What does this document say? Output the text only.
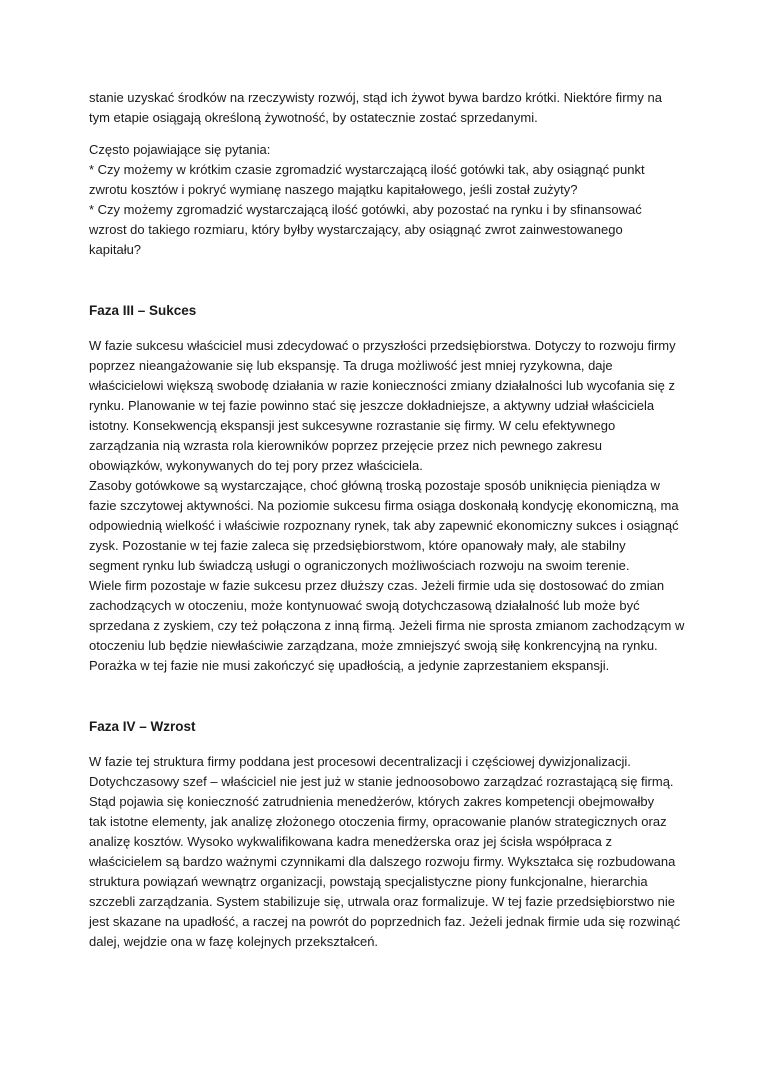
stanie uzyskać środków na rzeczywisty rozwój, stąd ich żywot bywa bardzo krótki. Niektóre firmy na
tym etapie osiągają określoną żywotność, by ostatecznie zostać sprzedanymi.
Często pojawiające się pytania:
* Czy możemy w krótkim czasie zgromadzić wystarczającą ilość gotówki tak, aby osiągnąć punkt
zwrotu kosztów i pokryć wymianę naszego majątku kapitałowego, jeśli został zużyty?
* Czy możemy zgromadzić wystarczającą ilość gotówki, aby pozostać na rynku i by sfinansować
wzrost do takiego rozmiaru, który byłby wystarczający, aby osiągnąć zwrot zainwestowanego
kapitału?
Faza III – Sukces
W fazie sukcesu właściciel musi zdecydować o przyszłości przedsiębiorstwa. Dotyczy to rozwoju firmy
poprzez nieangażowanie się lub ekspansję. Ta druga możliwość jest mniej ryzykowna, daje
właścicielowi większą swobodę działania w razie konieczności zmiany działalności lub wycofania się z
rynku. Planowanie w tej fazie powinno stać się jeszcze dokładniejsze, a aktywny udział właściciela
istotny. Konsekwencją ekspansji jest sukcesywne rozrastanie się firmy. W celu efektywnego
zarządzania nią wzrasta rola kierowników poprzez przejęcie przez nich pewnego zakresu
obowiązków, wykonywanych do tej pory przez właściciela.
Zasoby gotówkowe są wystarczające, choć główną troską pozostaje sposób uniknięcia pieniądza w
fazie szczytowej aktywności. Na poziomie sukcesu firma osiąga doskonałą kondycję ekonomiczną, ma
odpowiednią wielkość i właściwie rozpoznany rynek, tak aby zapewnić ekonomiczny sukces i osiągnąć
zysk. Pozostanie w tej fazie zaleca się przedsiębiorstwom, które opanowały mały, ale stabilny
segment rynku lub świadczą usługi o ograniczonych możliwościach rozwoju na swoim terenie.
Wiele firm pozostaje w fazie sukcesu przez dłuższy czas. Jeżeli firmie uda się dostosować do zmian
zachodzących w otoczeniu, może kontynuować swoją dotychczasową działalność lub może być
sprzedana z zyskiem, czy też połączona z inną firmą. Jeżeli firma nie sprosta zmianom zachodzącym w
otoczeniu lub będzie niewłaściwie zarządzana, może zmniejszyć swoją siłę konkrencyjną na rynku.
Porażka w tej fazie nie musi zakończyć się upadłością, a jedynie zaprzestaniem ekspansji.
Faza IV – Wzrost
W fazie tej struktura firmy poddana jest procesowi decentralizacji i częściowej dywizjonalizacji.
Dotychczasowy szef – właściciel nie jest już w stanie jednoosobowo zarządzać rozrastającą się firmą.
Stąd pojawia się konieczność zatrudnienia menedżerów, których zakres kompetencji obejmowałby
tak istotne elementy, jak analizę złożonego otoczenia firmy, opracowanie planów strategicznych oraz
analizę kosztów. Wysoko wykwalifikowana kadra menedżerska oraz jej ścisła współpraca z
właścicielem są bardzo ważnymi czynnikami dla dalszego rozwoju firmy. Wykształca się rozbudowana
struktura powiązań wewnątrz organizacji, powstają specjalistyczne piony funkcjonalne, hierarchia
szczebli zarządzania. System stabilizuje się, utrwala oraz formalizuje. W tej fazie przedsiębiorstwo nie
jest skazane na upadłość, a raczej na powrót do poprzednich faz. Jeżeli jednak firmie uda się rozwinąć
dalej, wejdzie ona w fazę kolejnych przekształceń.
